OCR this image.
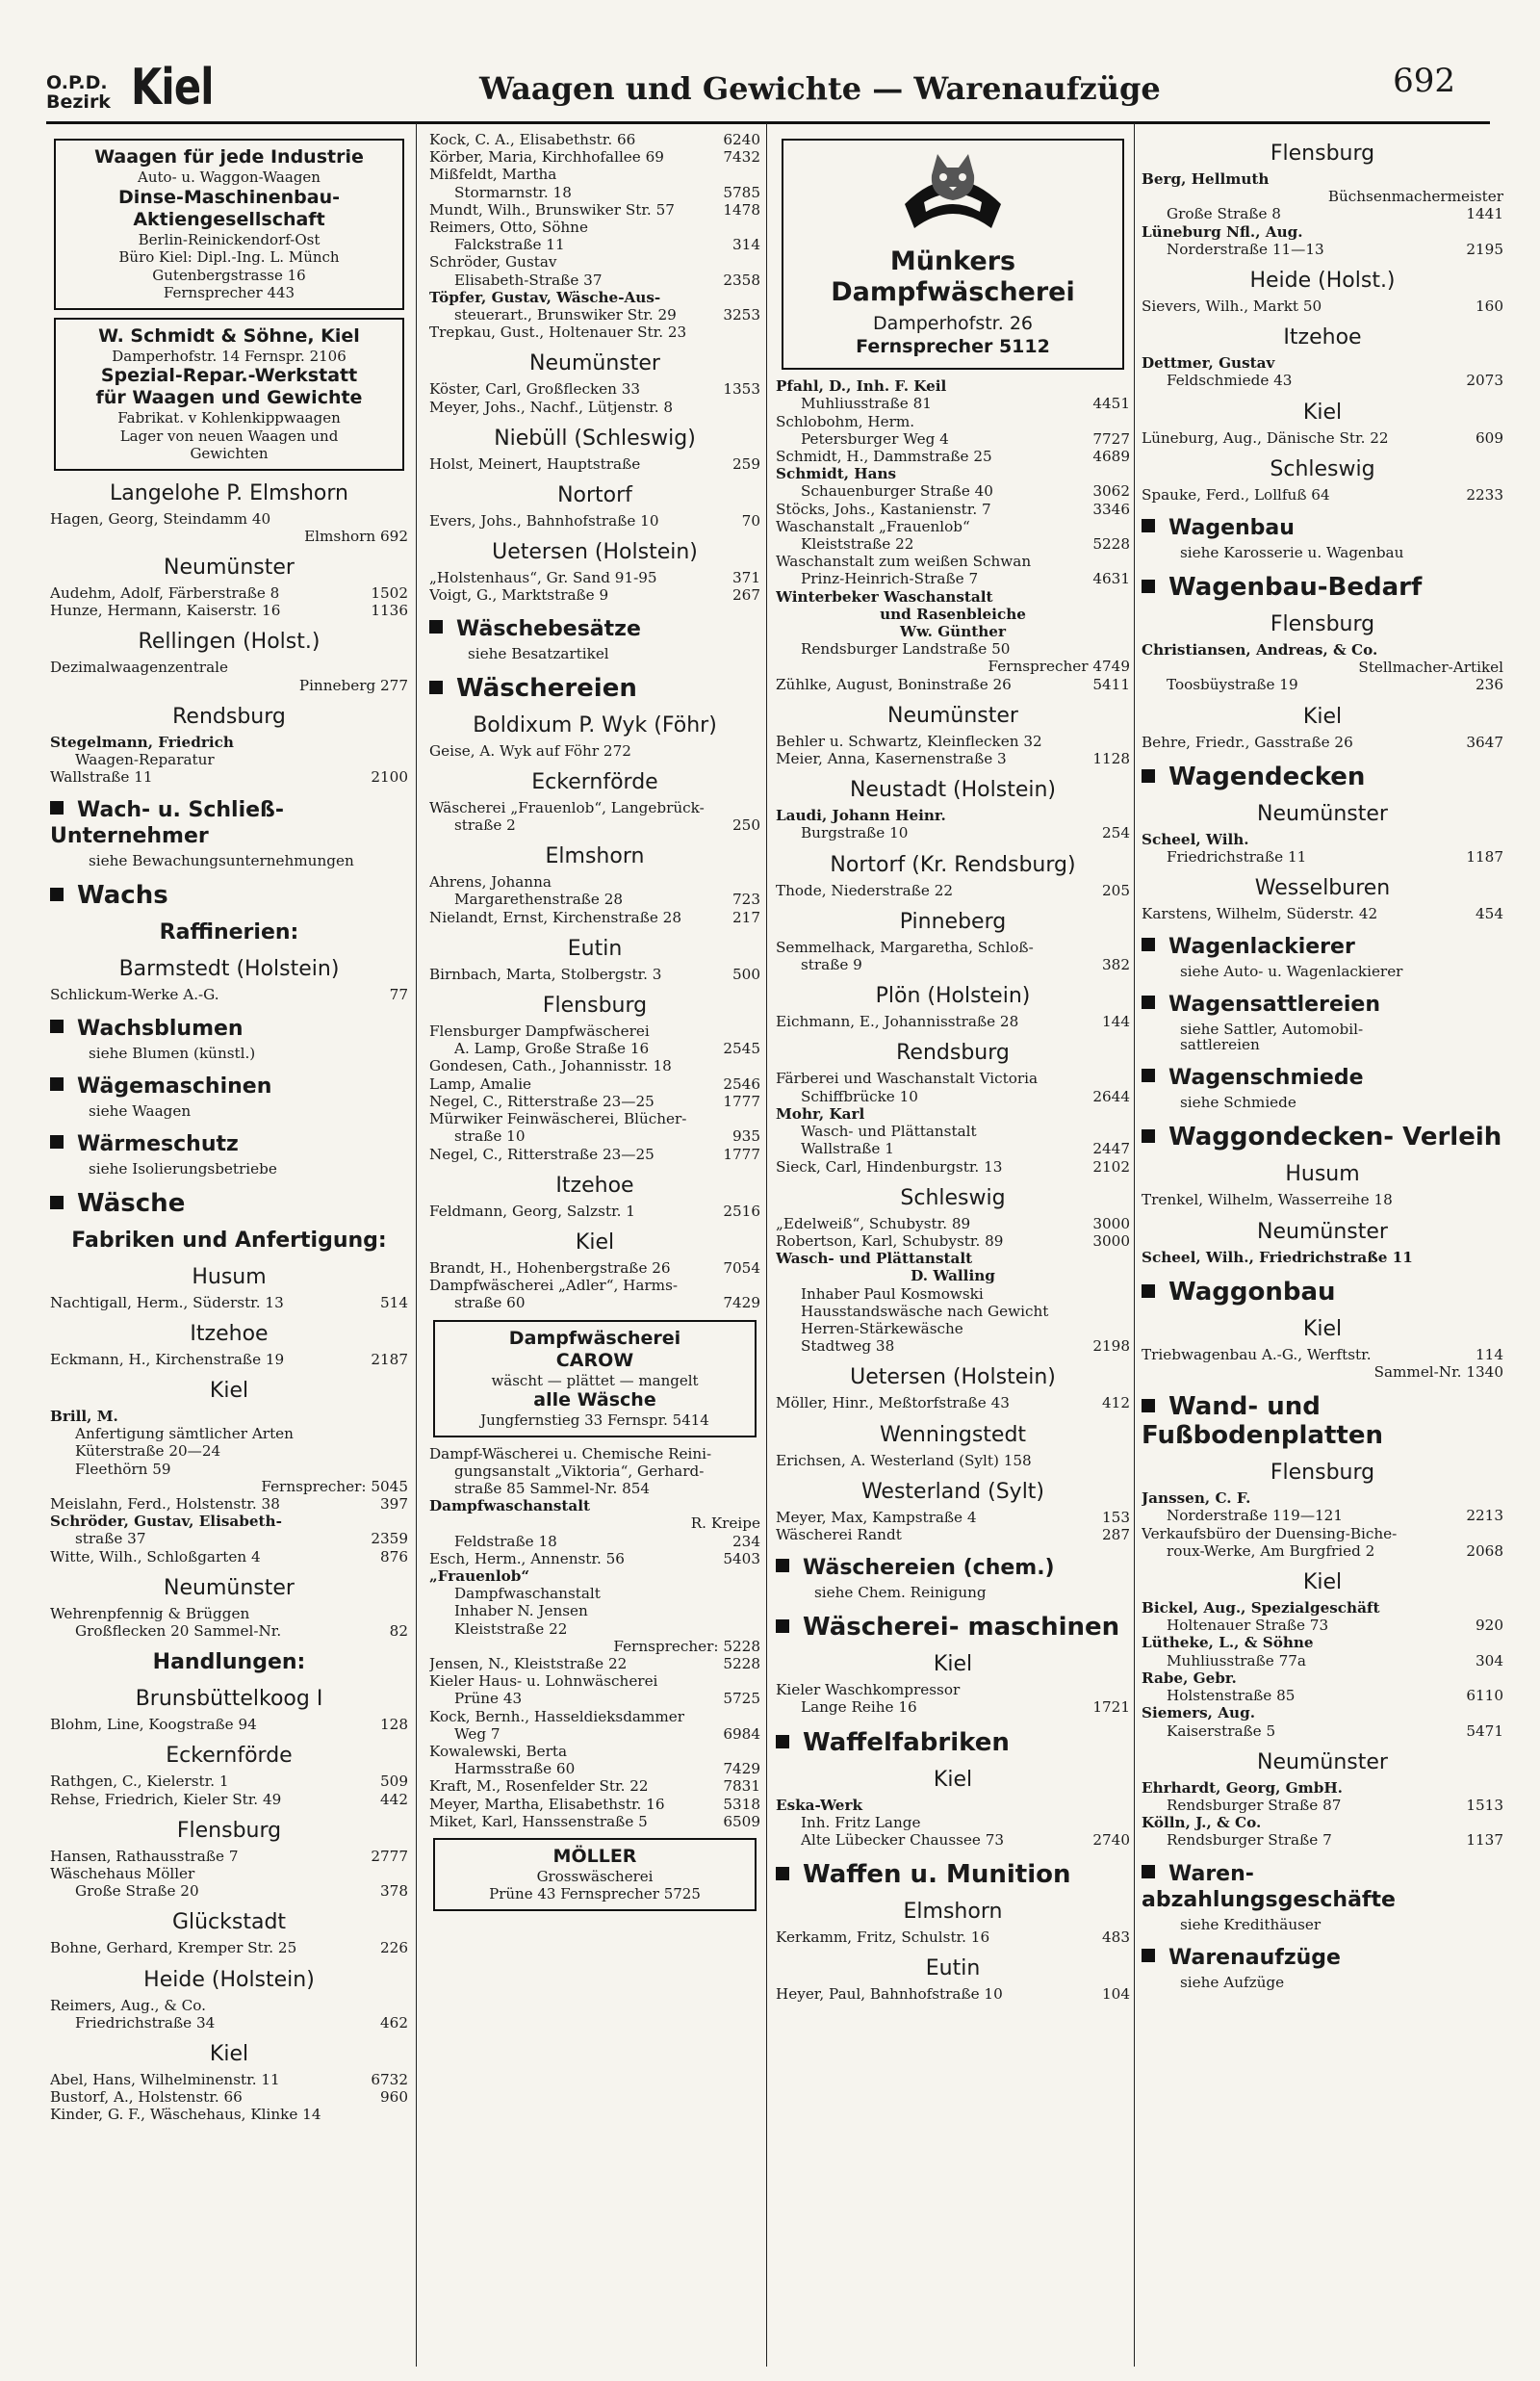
O.P.D.
Bezirk Kiel	Waagen und Gewichte — Warenaufzüge	692
Waagen für jede Industrie
Auto- u. Waggon-Waagen
Dinse-Maschinenbau-
Aktiengesellschaft
Berlin-Reinickendorf-Ost
Büro Kiel: Dipl.-Ing. L. Münch
Gutenbergstrasse 16
Fernsprecher 443
W. Schmidt & Söhne, Kiel
Damperhofstr. 14 Fernspr. 2106
Spezial-Repar.-Werkstatt
für Waagen und Gewichte
Fabrikat. v Kohlenkippwaagen
Lager von neuen Waagen und
Gewichten
Langelohe P. Elmshorn
Hagen, Georg, Steindamm 40
Elmshorn 692
Neumünster
Audehm, Adolf, Färberstraße 8	1502
Hunze, Hermann, Kaiserstr. 16	1136
Rellingen (Holst.)
Dezimalwaagenzentrale
Pinneberg 277
Rendsburg
Stegelmann, Friedrich
Waagen-Reparatur
Wallstraße 11	2100
Wach- u. Schließ- Unternehmer
siehe Bewachungsunternehmungen
Wachs
Raffinerien:
Barmstedt (Holstein)
Schlickum-Werke A.-G.	77
Wachsblumen
siehe Blumen (künstl.)
Wägemaschinen
siehe Waagen
Wärmeschutz
siehe Isolierungsbetriebe
Wäsche
Fabriken und Anfertigung:
Husum
Nachtigall, Herm., Süderstr. 13	514
Itzehoe
Eckmann, H., Kirchenstraße 19	2187
Kiel
Brill, M.
Anfertigung sämtlicher Arten
Küterstraße 20—24
Fleethörn 59
Fernsprecher: 5045
Meislahn, Ferd., Holstenstr. 38	397
Schröder, Gustav, Elisabeth-
straße 37	2359
Witte, Wilh., Schloßgarten 4	876
Neumünster
Wehrenpfennig & Brüggen
Großflecken 20 Sammel-Nr.	82
Handlungen:
Brunsbüttelkoog I
Blohm, Line, Koogstraße 94	128
Eckernförde
Rathgen, C., Kielerstr. 1	509
Rehse, Friedrich, Kieler Str. 49	442
Flensburg
Hansen, Rathausstraße 7	2777
Wäschehaus Möller
Große Straße 20	378
Glückstadt
Bohne, Gerhard, Kremper Str. 25	226
Heide (Holstein)
Reimers, Aug., & Co.
Friedrichstraße 34	462
Kiel
Abel, Hans, Wilhelminenstr. 11	6732
Bustorf, A., Holstenstr. 66	960
Kinder, G. F., Wäschehaus, Klinke 14
Kock, C. A., Elisabethstr. 66	6240
Körber, Maria, Kirchhofallee 69	7432
Mißfeldt, Martha
Stormarnstr. 18	5785
Mundt, Wilh., Brunswiker Str. 57	1478
Reimers, Otto, Söhne
Falckstraße 11	314
Schröder, Gustav
Elisabeth-Straße 37	2358
Töpfer, Gustav, Wäsche-Aus-
steuerart., Brunswiker Str. 29	3253
Trepkau, Gust., Holtenauer Str. 23
Neumünster
Köster, Carl, Großflecken 33	1353
Meyer, Johs., Nachf., Lütjenstr. 8
Niebüll (Schleswig)
Holst, Meinert, Hauptstraße	259
Nortorf
Evers, Johs., Bahnhofstraße 10	70
Uetersen (Holstein)
„Holstenhaus“, Gr. Sand 91-95	371
Voigt, G., Marktstraße 9	267
Wäschebesätze
siehe Besatzartikel
Wäschereien
Boldixum P. Wyk (Föhr)
Geise, A. Wyk auf Föhr 272
Eckernförde
Wäscherei „Frauenlob“, Langebrück-
straße 2	250
Elmshorn
Ahrens, Johanna
Margarethenstraße 28	723
Nielandt, Ernst, Kirchenstraße 28	217
Eutin
Birnbach, Marta, Stolbergstr. 3	500
Flensburg
Flensburger Dampfwäscherei
A. Lamp, Große Straße 16	2545
Gondesen, Cath., Johannisstr. 18
Lamp, Amalie	2546
Negel, C., Ritterstraße 23—25	1777
Mürwiker Feinwäscherei, Blücher-
straße 10	935
Negel, C., Ritterstraße 23—25	1777
Itzehoe
Feldmann, Georg, Salzstr. 1	2516
Kiel
Brandt, H., Hohenbergstraße 26	7054
Dampfwäscherei „Adler“, Harms-
straße 60	7429
Dampfwäscherei
CAROW
wäscht — plättet — mangelt
alle Wäsche
Jungfernstieg 33 Fernspr. 5414
Dampf-Wäscherei u. Chemische Reini-
gungsanstalt „Viktoria“, Gerhard-
straße 85 Sammel-Nr. 854
Dampfwaschanstalt
R. Kreipe
Feldstraße 18	234
Esch, Herm., Annenstr. 56	5403
„Frauenlob“
Dampfwaschanstalt
Inhaber N. Jensen
Kleiststraße 22
Fernsprecher: 5228
Jensen, N., Kleiststraße 22	5228
Kieler Haus- u. Lohnwäscherei
Prüne 43	5725
Kock, Bernh., Hasseldieksdammer
Weg 7	6984
Kowalewski, Berta
Harmsstraße 60	7429
Kraft, M., Rosenfelder Str. 22	7831
Meyer, Martha, Elisabethstr. 16	5318
Miket, Karl, Hanssenstraße 5	6509
MÖLLER
Grosswäscherei
Prüne 43 Fernsprecher 5725
Münkers
Dampfwäscherei
Damperhofstr. 26
Fernsprecher 5112
Pfahl, D., Inh. F. Keil
Muhliusstraße 81	4451
Schlobohm, Herm.
Petersburger Weg 4	7727
Schmidt, H., Dammstraße 25	4689
Schmidt, Hans
Schauenburger Straße 40	3062
Stöcks, Johs., Kastanienstr. 7	3346
Waschanstalt „Frauenlob“
Kleiststraße 22	5228
Waschanstalt zum weißen Schwan
Prinz-Heinrich-Straße 7	4631
Winterbeker Waschanstalt
und Rasenbleiche
Ww. Günther
Rendsburger Landstraße 50
Fernsprecher 4749
Zühlke, August, Boninstraße 26	5411
Neumünster
Behler u. Schwartz, Kleinflecken 32
Meier, Anna, Kasernenstraße 3	1128
Neustadt (Holstein)
Laudi, Johann Heinr.
Burgstraße 10	254
Nortorf (Kr. Rendsburg)
Thode, Niederstraße 22	205
Pinneberg
Semmelhack, Margaretha, Schloß-
straße 9	382
Plön (Holstein)
Eichmann, E., Johannisstraße 28	144
Rendsburg
Färberei und Waschanstalt Victoria
Schiffbrücke 10	2644
Mohr, Karl
Wasch- und Plättanstalt
Wallstraße 1	2447
Sieck, Carl, Hindenburgstr. 13	2102
Schleswig
„Edelweiß“, Schubystr. 89	3000
Robertson, Karl, Schubystr. 89	3000
Wasch- und Plättanstalt
D. Walling
Inhaber Paul Kosmowski
Hausstandswäsche nach Gewicht
Herren-Stärkewäsche
Stadtweg 38	2198
Uetersen (Holstein)
Möller, Hinr., Meßtorfstraße 43	412
Wenningstedt
Erichsen, A. Westerland (Sylt) 158
Westerland (Sylt)
Meyer, Max, Kampstraße 4	153
Wäscherei Randt	287
Wäschereien (chem.)
siehe Chem. Reinigung
Wäscherei- maschinen
Kiel
Kieler Waschkompressor
Lange Reihe 16	1721
Waffelfabriken
Kiel
Eska-Werk
Inh. Fritz Lange
Alte Lübecker Chaussee 73	2740
Waffen u. Munition
Elmshorn
Kerkamm, Fritz, Schulstr. 16	483
Eutin
Heyer, Paul, Bahnhofstraße 10	104
Flensburg
Berg, Hellmuth
Büchsenmachermeister
Große Straße 8	1441
Lüneburg Nfl., Aug.
Norderstraße 11—13	2195
Heide (Holst.)
Sievers, Wilh., Markt 50	160
Itzehoe
Dettmer, Gustav
Feldschmiede 43	2073
Kiel
Lüneburg, Aug., Dänische Str. 22	609
Schleswig
Spauke, Ferd., Lollfuß 64	2233
Wagenbau
siehe Karosserie u. Wagenbau
Wagenbau-Bedarf
Flensburg
Christiansen, Andreas, & Co.
Stellmacher-Artikel
Toosbüystraße 19	236
Kiel
Behre, Friedr., Gasstraße 26	3647
Wagendecken
Neumünster
Scheel, Wilh.
Friedrichstraße 11	1187
Wesselburen
Karstens, Wilhelm, Süderstr. 42	454
Wagenlackierer
siehe Auto- u. Wagenlackierer
Wagensattlereien
siehe Sattler, Automobil-
sattlereien
Wagenschmiede
siehe Schmiede
Waggondecken- Verleih
Husum
Trenkel, Wilhelm, Wasserreihe 18
Neumünster
Scheel, Wilh., Friedrichstraße 11
Waggonbau
Kiel
Triebwagenbau A.-G., Werftstr.	114
Sammel-Nr. 1340
Wand- und Fußbodenplatten
Flensburg
Janssen, C. F.
Norderstraße 119—121	2213
Verkaufsbüro der Duensing-Biche-
roux-Werke, Am Burgfried 2	2068
Kiel
Bickel, Aug., Spezialgeschäft
Holtenauer Straße 73	920
Lütheke, L., & Söhne
Muhliusstraße 77a	304
Rabe, Gebr.
Holstenstraße 85	6110
Siemers, Aug.
Kaiserstraße 5	5471
Neumünster
Ehrhardt, Georg, GmbH.
Rendsburger Straße 87	1513
Kölln, J., & Co.
Rendsburger Straße 7	1137
Waren- abzahlungsgeschäfte
siehe Kredithäuser
Warenaufzüge
siehe Aufzüge
